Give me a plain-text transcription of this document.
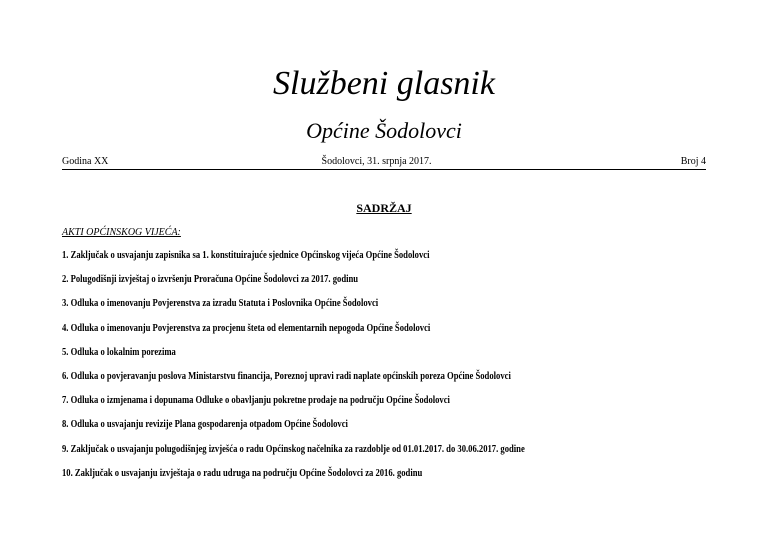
Službeni glasnik
Općine Šodolovci
Godina XX	Šodolovci, 31. srpnja 2017.	Broj 4
SADRŽAJ
AKTI OPĆINSKOG VIJEĆA:
1. Zaključak o usvajanju zapisnika sa 1. konstituirajuće sjednice Općinskog vijeća Općine Šodolovci
2. Polugodišnji izvještaj o izvršenju Proračuna Općine Šodolovci za 2017. godinu
3. Odluka o imenovanju Povjerenstva za izradu Statuta i Poslovnika Općine Šodolovci
4. Odluka o imenovanju Povjerenstva za procjenu šteta od elementarnih nepogoda Općine Šodolovci
5. Odluka o lokalnim porezima
6. Odluka o povjeravanju poslova Ministarstvu financija, Poreznoj upravi radi naplate općinskih poreza Općine Šodolovci
7. Odluka o izmjenama i dopunama Odluke o obavljanju pokretne prodaje na području Općine Šodolovci
8. Odluka o usvajanju revizije Plana gospodarenja otpadom Općine Šodolovci
9. Zaključak o usvajanju polugodišnjeg izvješća o radu Općinskog načelnika za razdoblje od 01.01.2017. do 30.06.2017. godine
10. Zaključak o usvajanju izvještaja o radu udruga na području Općine Šodolovci za 2016. godinu
